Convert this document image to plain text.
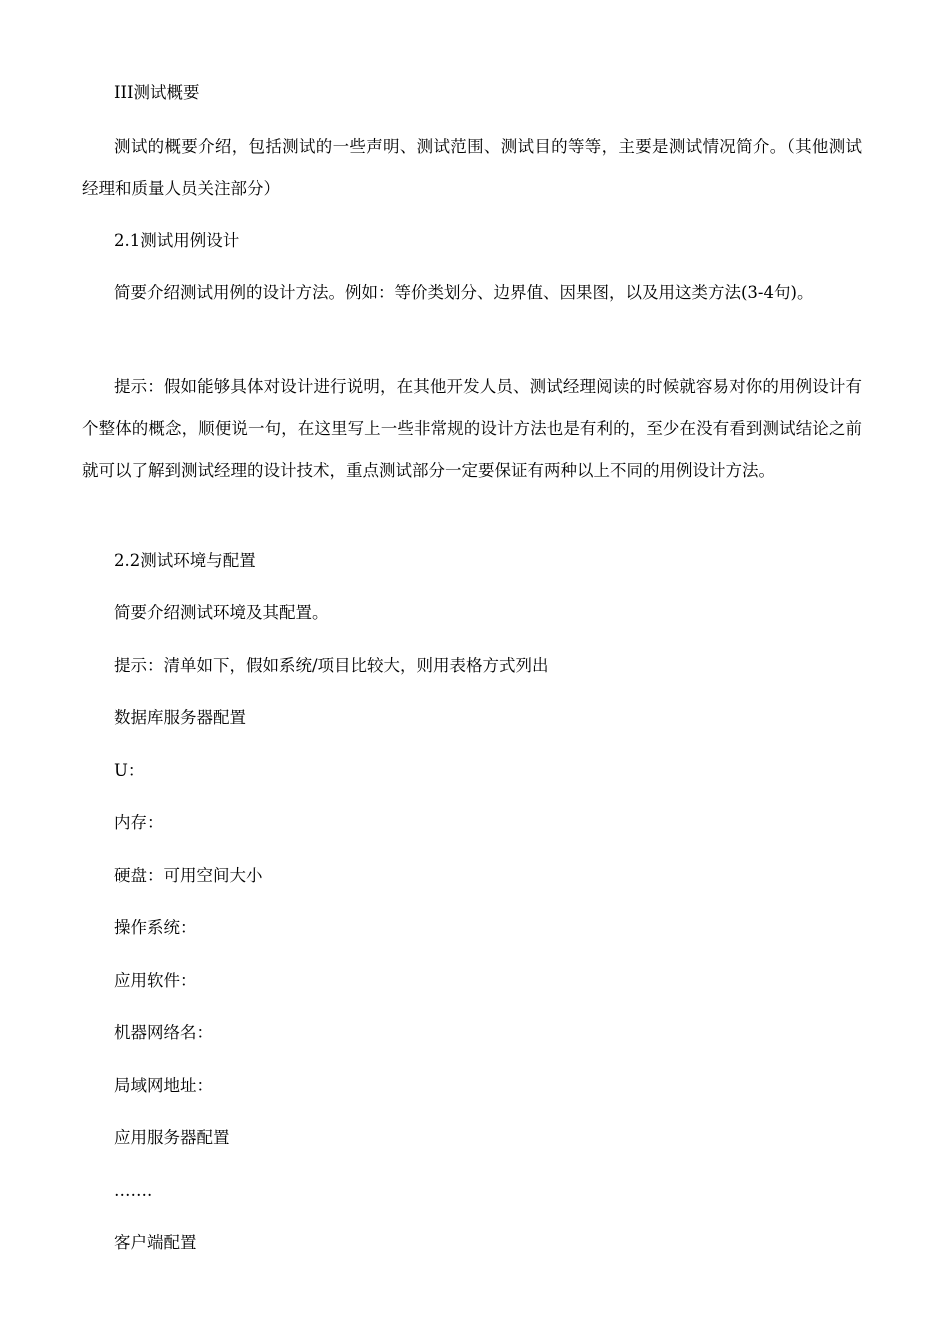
III测试概要

测试的概要介绍，包括测试的一些声明、测试范围、测试目的等等，主要是测试情况简介。（其他测试经理和质量人员关注部分）

2.1测试用例设计

简要介绍测试用例的设计方法。例如：等价类划分、边界值、因果图，以及用这类方法(3-4句)。

提示：假如能够具体对设计进行说明，在其他开发人员、测试经理阅读的时候就容易对你的用例设计有个整体的概念，顺便说一句，在这里写上一些非常规的设计方法也是有利的，至少在没有看到测试结论之前就可以了解到测试经理的设计技术，重点测试部分一定要保证有两种以上不同的用例设计方法。

2.2测试环境与配置

简要介绍测试环境及其配置。

提示：清单如下，假如系统/项目比较大，则用表格方式列出

数据库服务器配置

U：

内存：

硬盘：可用空间大小

操作系统：

应用软件：

机器网络名：

局域网地址：

应用服务器配置

…….

客户端配置
